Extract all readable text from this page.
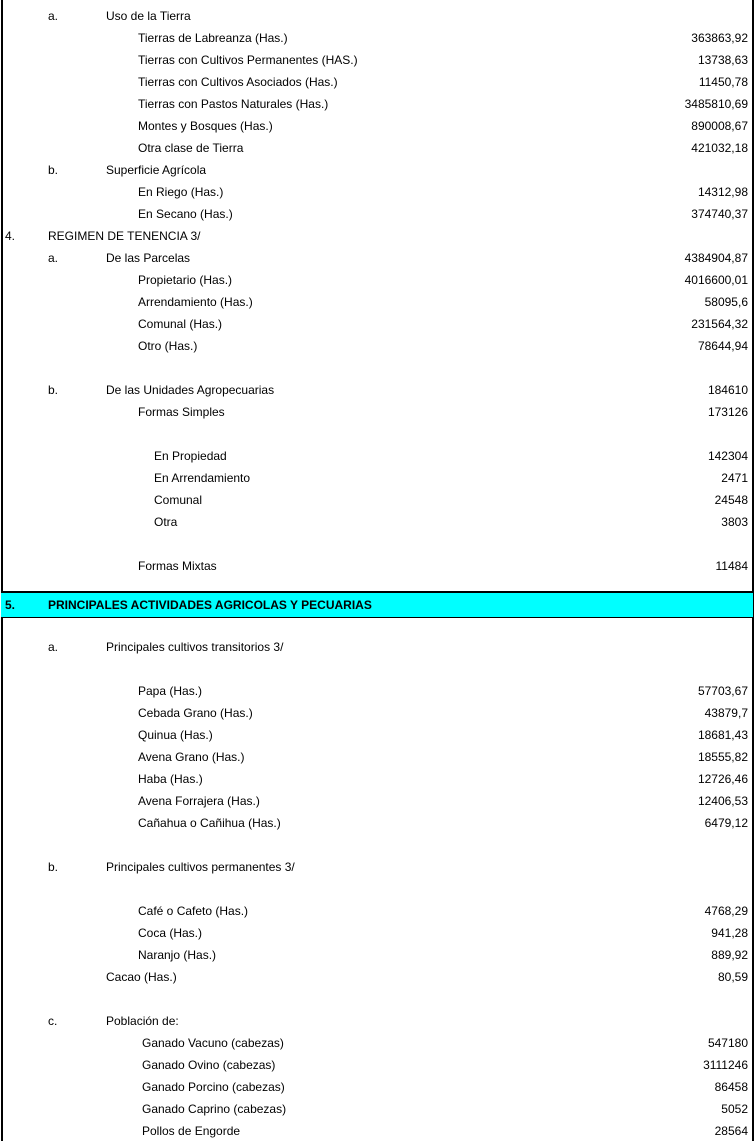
a.	Uso de la Tierra
Tierras de Labreanza (Has.)	363863,92
Tierras con Cultivos Permanentes (HAS.)	13738,63
Tierras con Cultivos Asociados (Has.)	11450,78
Tierras con Pastos Naturales (Has.)	3485810,69
Montes y Bosques (Has.)	890008,67
Otra clase de Tierra	421032,18
b.	Superficie Agrícola
En Riego (Has.)	14312,98
En Secano (Has.)	374740,37
4.	REGIMEN DE TENENCIA 3/
a.	De las Parcelas	4384904,87
Propietario (Has.)	4016600,01
Arrendamiento (Has.)	58095,6
Comunal (Has.)	231564,32
Otro (Has.)	78644,94
b.	De las Unidades Agropecuarias	184610
Formas Simples	173126
En Propiedad	142304
En Arrendamiento	2471
Comunal	24548
Otra	3803
Formas Mixtas	11484
5.	PRINCIPALES ACTIVIDADES AGRICOLAS Y PECUARIAS
a.	Principales cultivos transitorios 3/
Papa (Has.)	57703,67
Cebada Grano (Has.)	43879,7
Quinua (Has.)	18681,43
Avena Grano (Has.)	18555,82
Haba (Has.)	12726,46
Avena Forrajera (Has.)	12406,53
Cañahua o Cañihua (Has.)	6479,12
b.	Principales cultivos permanentes 3/
Café o Cafeto (Has.)	4768,29
Coca (Has.)	941,28
Naranjo (Has.)	889,92
Cacao (Has.)	80,59
c.	Población de:
Ganado Vacuno (cabezas)	547180
Ganado Ovino (cabezas)	3111246
Ganado Porcino (cabezas)	86458
Ganado Caprino (cabezas)	5052
Pollos de Engorde	28564
